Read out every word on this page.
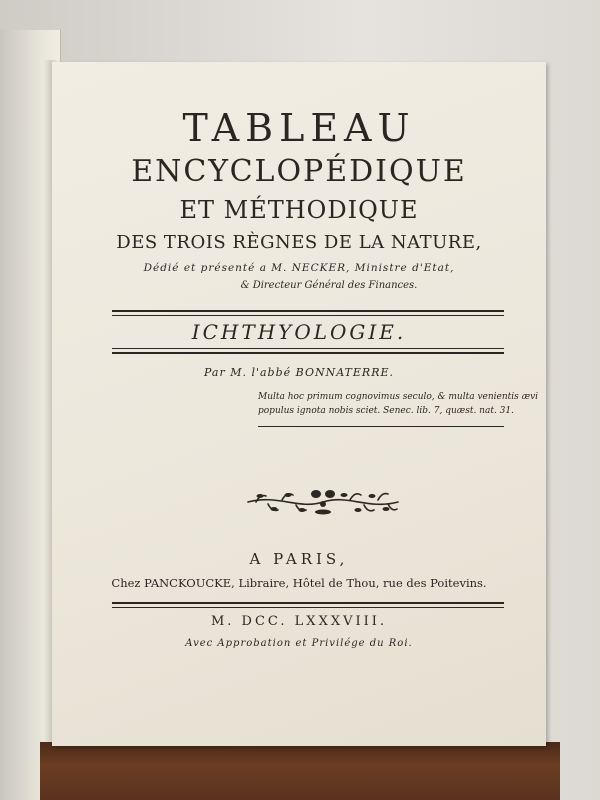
TABLEAU
ENCYCLOPÉDIQUE
ET MÉTHODIQUE
DES TROIS RÈGNES DE LA NATURE,
Dédié et présenté a M. NECKER, Ministre d'Etat,
& Directeur Général des Finances.
ICHTHYOLOGIE.
Par M. l'abbé BONNATERRE.
Multa hoc primum cognovimus seculo, & multa venientis ævi
populus ignota nobis sciet. Senec. lib. 7, quæst. nat. 31.
A PARIS,
Chez PANCKOUCKE, Libraire, Hôtel de Thou, rue des Poitevins.
M. DCC. LXXXVIII.
Avec Approbation et Privilége du Roi.
